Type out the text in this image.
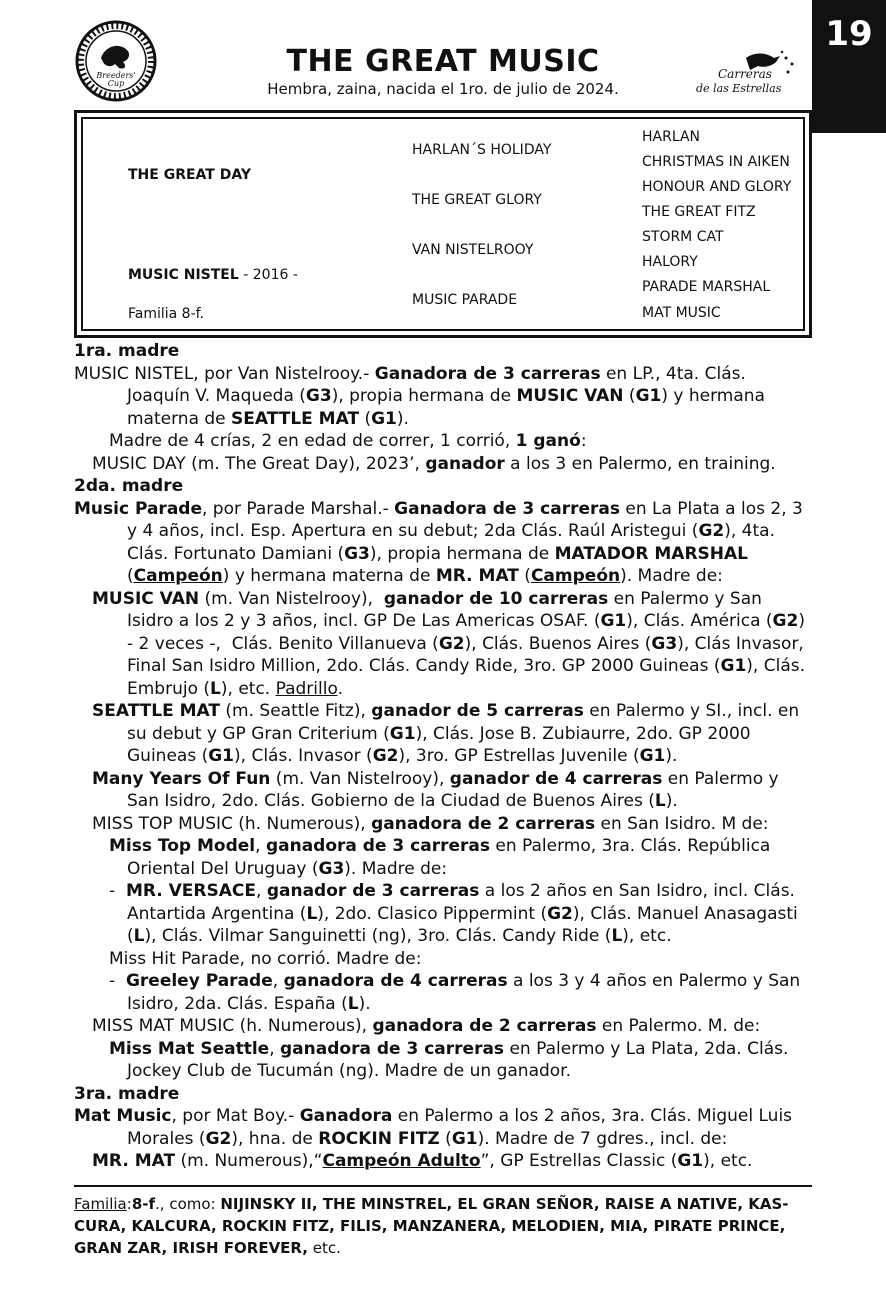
Breeders'
Cup
THE GREAT MUSIC
Hembra, zaina, nacida el 1ro. de julio de 2024.
Carreras
de las Estrellas
19
THE GREAT DAY
MUSIC NISTEL - 2016 -
Familia 8-f.
HARLAN´S HOLIDAY
THE GREAT GLORY
VAN NISTELROOY
MUSIC PARADE
HARLAN
CHRISTMAS IN AIKEN
HONOUR AND GLORY
THE GREAT FITZ
STORM CAT
HALORY
PARADE MARSHAL
MAT MUSIC

1ra. madre

MUSIC NISTEL, por Van Nistelrooy.- Ganadora de 3 carreras en LP., 4ta. Clás. Joaquín V. Maqueda (G3), propia hermana de MUSIC VAN (G1) y hermana materna de SEATTLE MAT (G1).

Madre de 4 crías, 2 en edad de correr, 1 corrió, 1 ganó:

MUSIC DAY (m. The Great Day), 2023’, ganador a los 3 en Palermo, en training.

2da. madre

Music Parade, por Parade Marshal.- Ganadora de 3 carreras en La Plata a los 2, 3 y 4 años, incl. Esp. Apertura en su debut; 2da Clás. Raúl Aristegui (G2), 4ta. Clás. Fortunato Damiani (G3), propia hermana de MATADOR MARSHAL (Campeón) y hermana materna de MR. MAT (Campeón). Madre de:

MUSIC VAN (m. Van Nistelrooy),  ganador de 10 carreras en Palermo y San Isidro a los 2 y 3 años, incl. GP De Las Americas OSAF. (G1), Clás. América (G2) - 2 veces -,  Clás. Benito Villanueva (G2), Clás. Buenos Aires (G3), Clás Invasor, Final San Isidro Million, 2do. Clás. Candy Ride, 3ro. GP 2000 Guineas (G1), Clás. Embrujo (L), etc. Padrillo.

SEATTLE MAT (m. Seattle Fitz), ganador de 5 carreras en Palermo y SI., incl. en su debut y GP Gran Criterium (G1), Clás. Jose B. Zubiaurre, 2do. GP 2000 Guineas (G1), Clás. Invasor (G2), 3ro. GP Estrellas Juvenile (G1).

Many Years Of Fun (m. Van Nistelrooy), ganador de 4 carreras en Palermo y San Isidro, 2do. Clás. Gobierno de la Ciudad de Buenos Aires (L).

MISS TOP MUSIC (h. Numerous), ganadora de 2 carreras en San Isidro. M de:

Miss Top Model, ganadora de 3 carreras en Palermo, 3ra. Clás. República Oriental Del Uruguay (G3). Madre de:

-  MR. VERSACE, ganador de 3 carreras a los 2 años en San Isidro, incl. Clás. Antartida Argentina (L), 2do. Clasico Pippermint (G2), Clás. Manuel Anasagasti (L), Clás. Vilmar Sanguinetti (ng), 3ro. Clás. Candy Ride (L), etc.

Miss Hit Parade, no corrió. Madre de:

-  Greeley Parade, ganadora de 4 carreras a los 3 y 4 años en Palermo y San Isidro, 2da. Clás. España (L).

MISS MAT MUSIC (h. Numerous), ganadora de 2 carreras en Palermo. M. de:

Miss Mat Seattle, ganadora de 3 carreras en Palermo y La Plata, 2da. Clás. Jockey Club de Tucumán (ng). Madre de un ganador.

3ra. madre

Mat Music, por Mat Boy.- Ganadora en Palermo a los 2 años, 3ra. Clás. Miguel Luis Morales (G2), hna. de ROCKIN FITZ (G1). Madre de 7 gdres., incl. de:

MR. MAT (m. Numerous),“Campeón Adulto”, GP Estrellas Classic (G1), etc.

Familia:8-f., como: NIJINSKY II, THE MINSTREL, EL GRAN SEÑOR, RAISE A NATIVE, KAS-CURA, KALCURA, ROCKIN FITZ, FILIS, MANZANERA, MELODIEN, MIA, PIRATE PRINCE, GRAN ZAR, IRISH FOREVER, etc.
